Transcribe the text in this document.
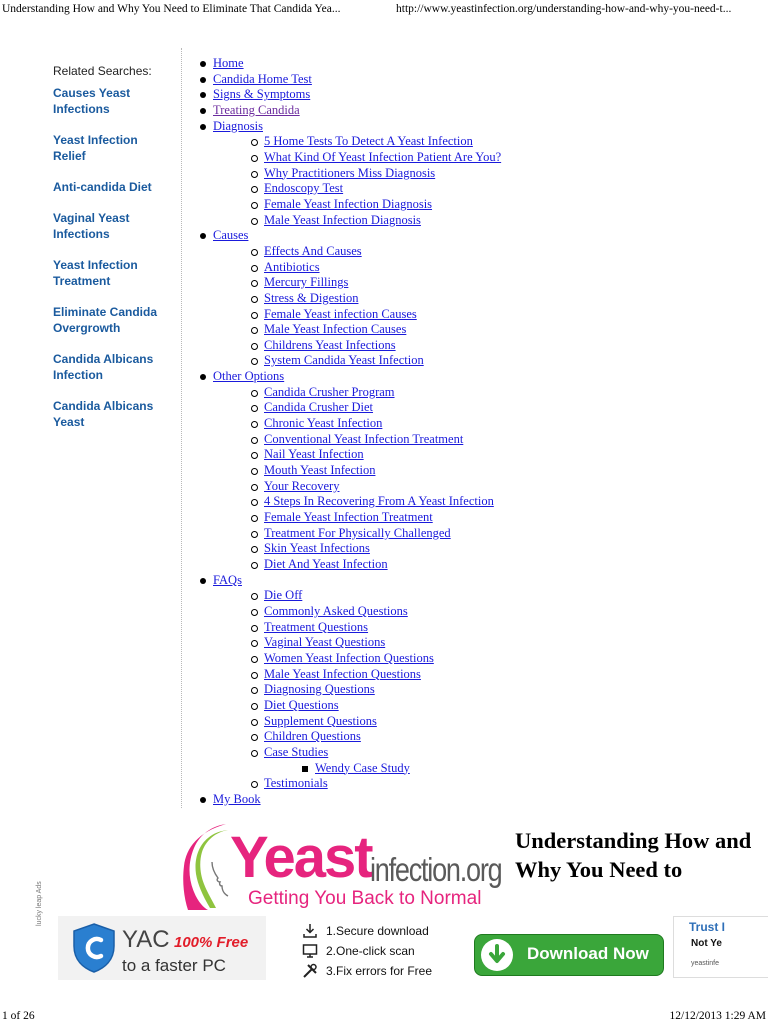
Understanding How and Why You Need to Eliminate That Candida Yea...	http://www.yeastinfection.org/understanding-how-and-why-you-need-t...
Related Searches:
Causes Yeast Infections
Yeast Infection Relief
Anti-candida Diet
Vaginal Yeast Infections
Yeast Infection Treatment
Eliminate Candida Overgrowth
Candida Albicans Infection
Candida Albicans Yeast
Home
Candida Home Test
Signs & Symptoms
Treating Candida
Diagnosis
5 Home Tests To Detect A Yeast Infection
What Kind Of Yeast Infection Patient Are You?
Why Practitioners Miss Diagnosis
Endoscopy Test
Female Yeast Infection Diagnosis
Male Yeast Infection Diagnosis
Causes
Effects And Causes
Antibiotics
Mercury Fillings
Stress & Digestion
Female Yeast infection Causes
Male Yeast Infection Causes
Childrens Yeast Infections
System Candida Yeast Infection
Other Options
Candida Crusher Program
Candida Crusher Diet
Chronic Yeast Infection
Conventional Yeast Infection Treatment
Nail Yeast Infection
Mouth Yeast Infection
Your Recovery
4 Steps In Recovering From A Yeast Infection
Female Yeast Infection Treatment
Treatment For Physically Challenged
Skin Yeast Infections
Diet And Yeast Infection
FAQs
Die Off
Commonly Asked Questions
Treatment Questions
Vaginal Yeast Questions
Women Yeast Infection Questions
Male Yeast Infection Questions
Diagnosing Questions
Diet Questions
Supplement Questions
Children Questions
Case Studies
Wendy Case Study
Testimonials
My Book
Yeast
infection.org
Getting You Back to Normal
Understanding How and Why You Need to
lucky leap Ads
YAC 100% Free
to a faster PC
1.Secure download
2.One-click scan
3.Fix errors for Free
Download Now
Trust I
Not Ye
yeastinfe
1 of 26	12/12/2013 1:29 AM
